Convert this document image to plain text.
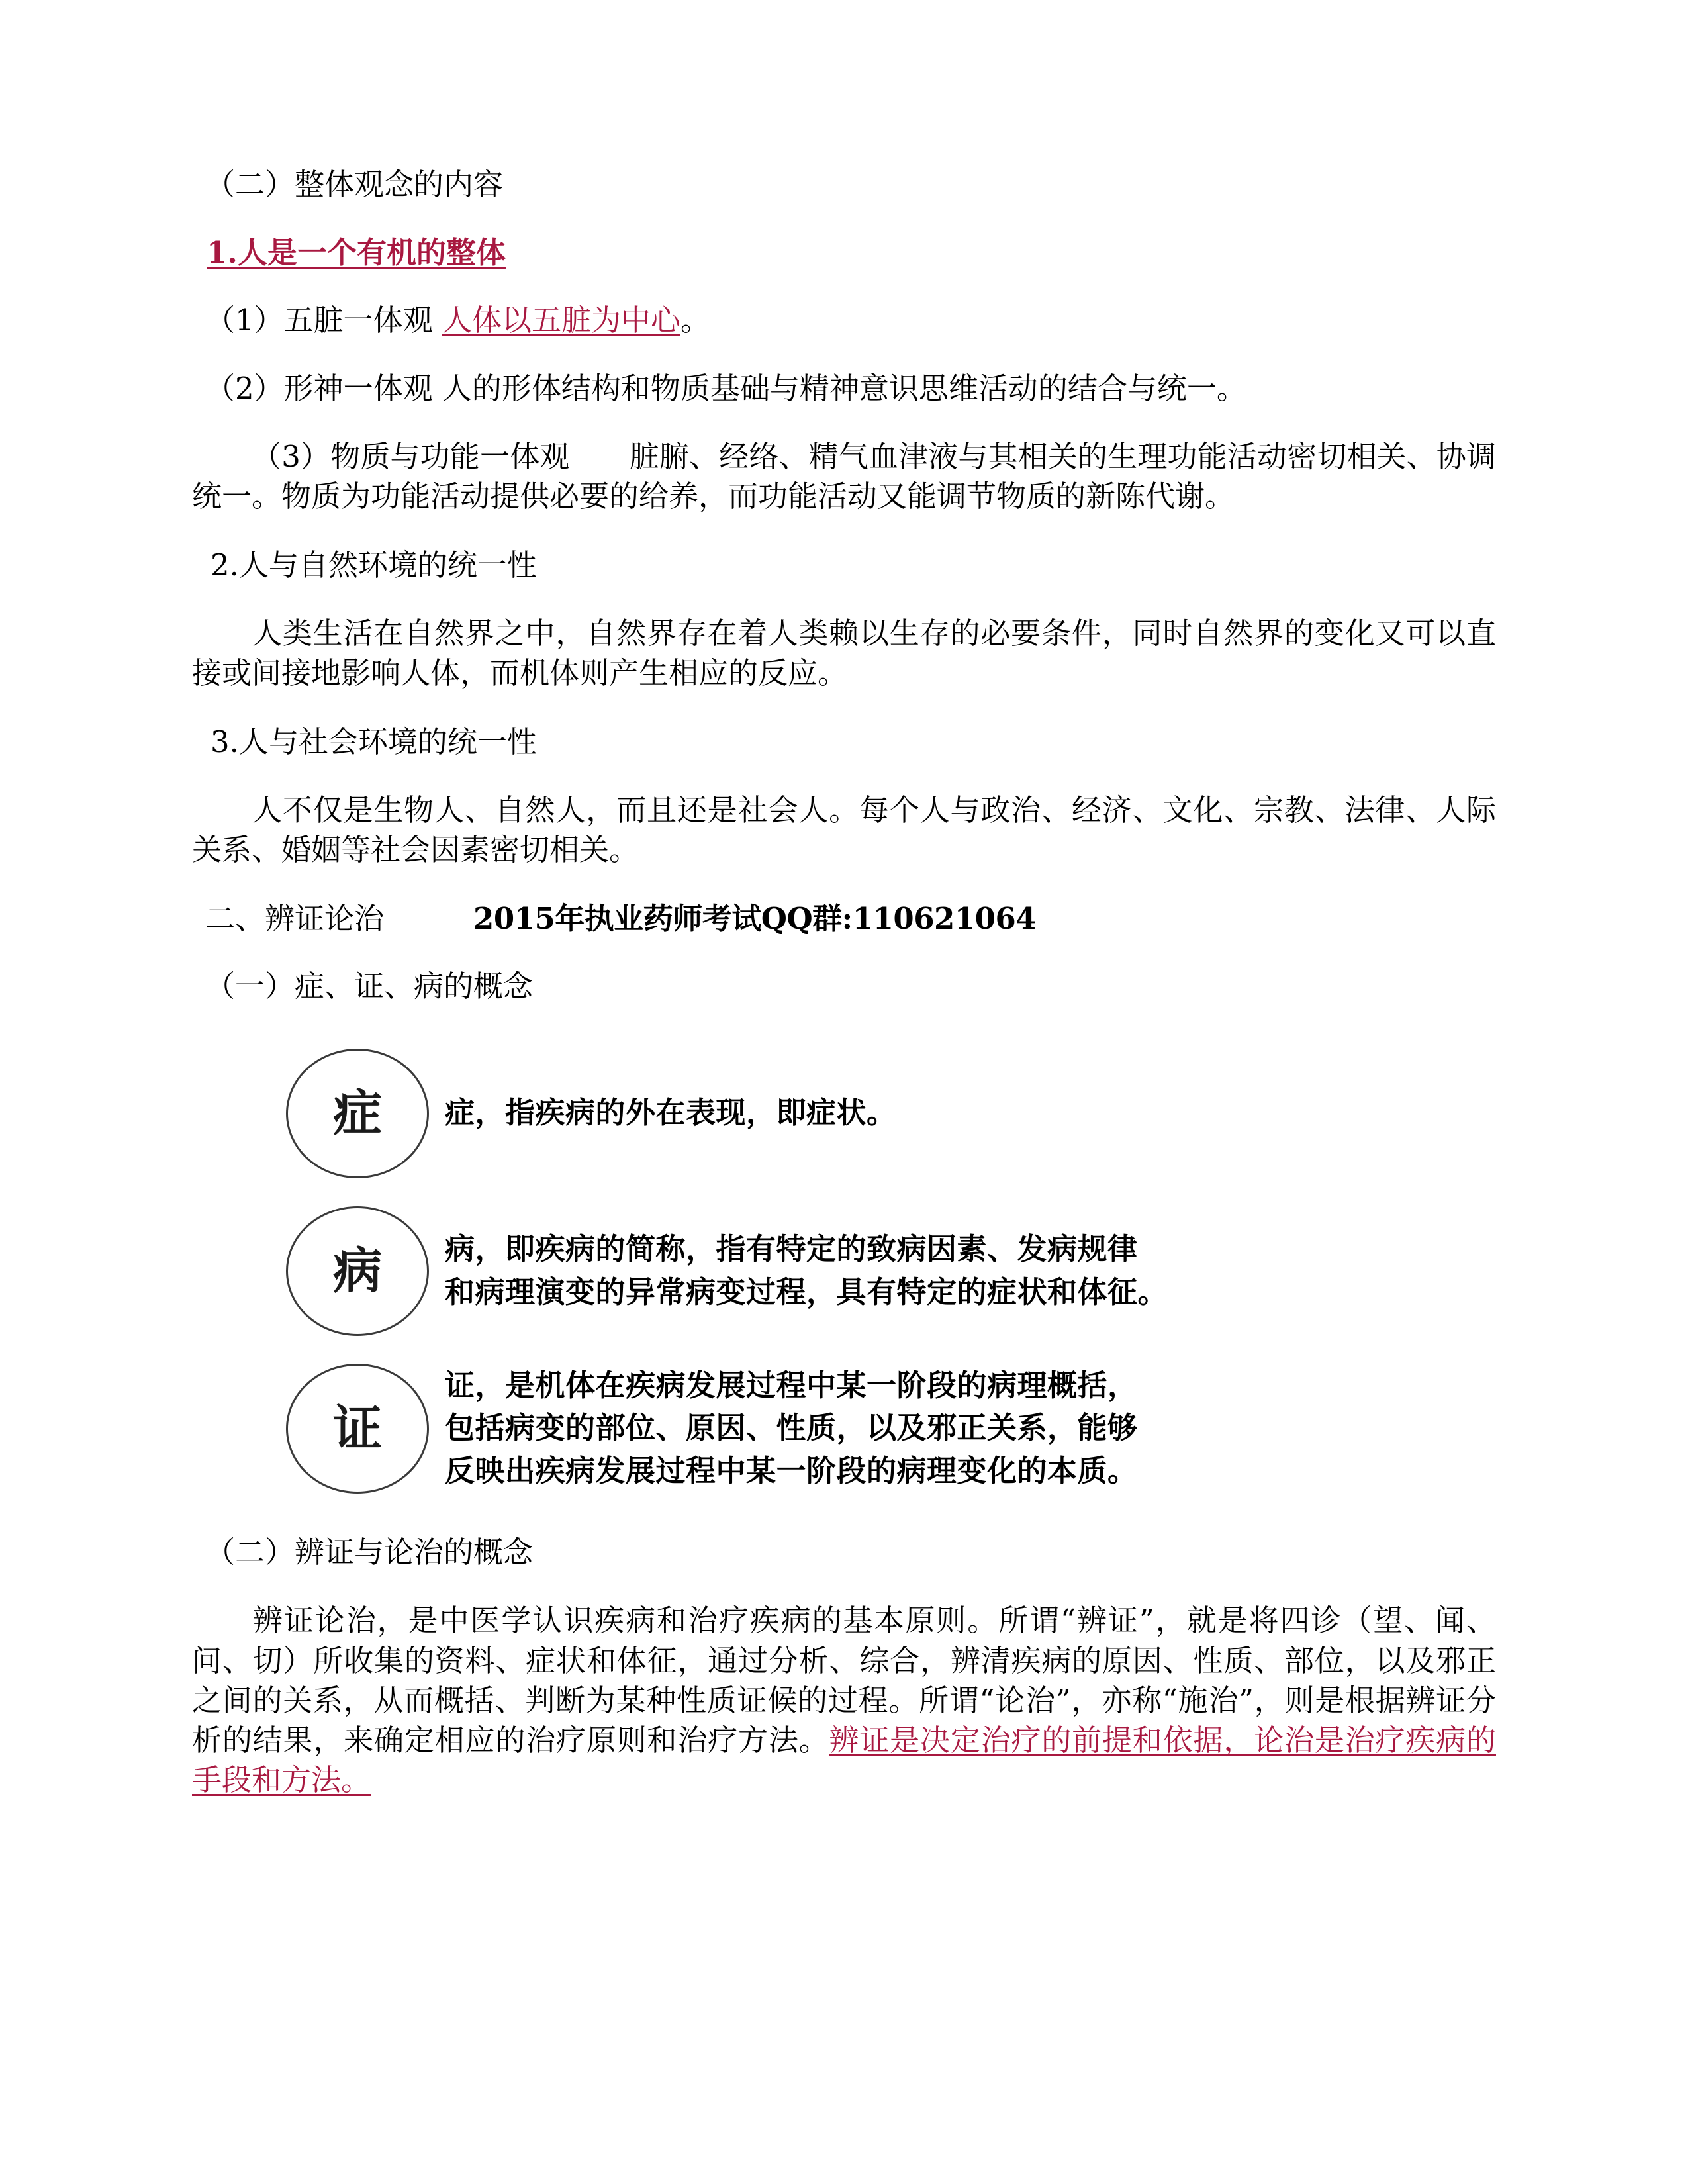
（二）整体观念的内容

1.人是一个有机的整体

（1）五脏一体观 人体以五脏为中心。

（2）形神一体观 人的形体结构和物质基础与精神意识思维活动的结合与统一。

（3）物质与功能一体观　　脏腑、经络、精气血津液与其相关的生理功能活动密切相关、协调统一。物质为功能活动提供必要的给养，而功能活动又能调节物质的新陈代谢。

2.人与自然环境的统一性

人类生活在自然界之中，自然界存在着人类赖以生存的必要条件，同时自然界的变化又可以直接或间接地影响人体，而机体则产生相应的反应。

3.人与社会环境的统一性

人不仅是生物人、自然人，而且还是社会人。每个人与政治、经济、文化、宗教、法律、人际关系、婚姻等社会因素密切相关。

二、辨证论治　　　	2015年执业药师考试QQ群:110621064

（一）症、证、病的概念

症 症，指疾病的外在表现，即症状。
病 病，即疾病的简称，指有特定的致病因素、发病规律
和病理演变的异常病变过程，具有特定的症状和体征。
证
证，是机体在疾病发展过程中某一阶段的病理概括，
包括病变的部位、原因、性质，以及邪正关系，能够
反映出疾病发展过程中某一阶段的病理变化的本质。

（二）辨证与论治的概念

辨证论治，是中医学认识疾病和治疗疾病的基本原则。所谓“辨证”，就是将四诊（望、闻、问、切）所收集的资料、症状和体征，通过分析、综合，辨清疾病的原因、性质、部位，以及邪正之间的关系，从而概括、判断为某种性质证候的过程。所谓“论治”，亦称“施治”，则是根据辨证分析的结果，来确定相应的治疗原则和治疗方法。辨证是决定治疗的前提和依据，论治是治疗疾病的手段和方法。
